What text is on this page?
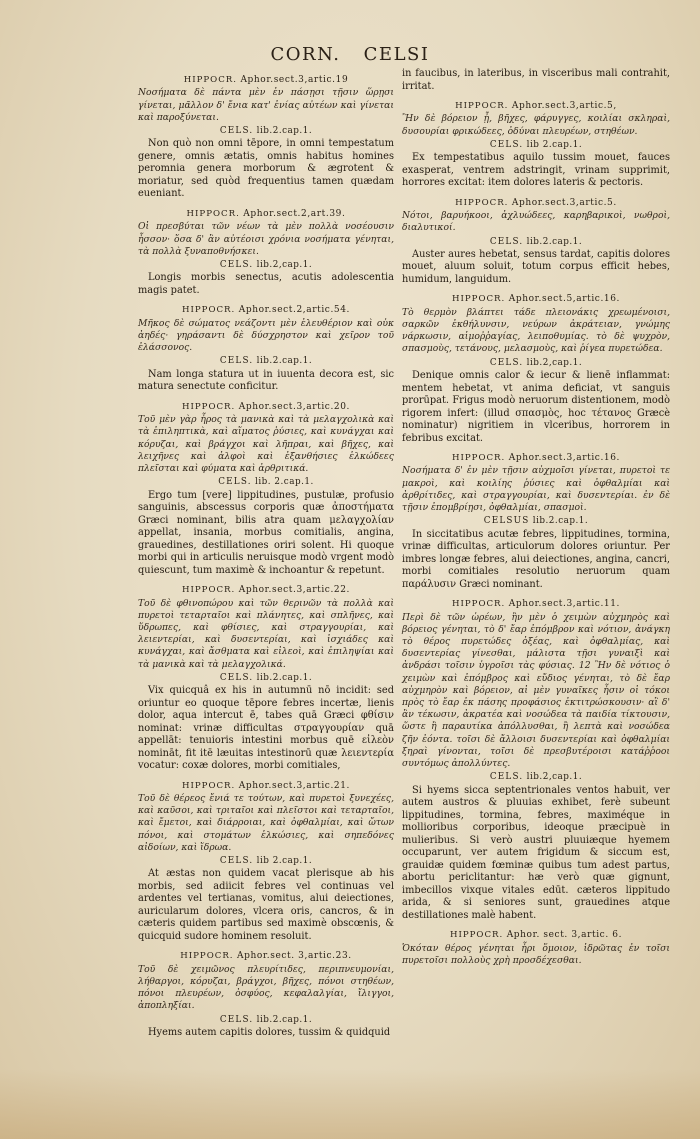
CORN. CELSI
HIPPOCR. Aphor.sect.3,artic.19
Νοσήματα δὲ πάντα μὲν ἐν πάσῃσι τῇσιν ὥρῃσι γίνεται, μᾶλλον δ' ἔνια κατ' ἐνίας αὐτέων καὶ γίνεται καὶ παροξύνεται.
CELS. lib.2.cap.1.
Non quò non omni tēpore, in omni tempestatum genere, omnis ætatis, omnis habitus homines peromnia genera morborum & ægrotent & moriatur, sed quòd frequentius tamen quædam eueniant.
HIPPOCR. Aphor.sect.2,art.39.
Οἱ πρεσβύται τῶν νέων τὰ μὲν πολλὰ νοσέουσιν ἧσσον· ὅσα δ' ἂν αὐτέοισι χρόνια νοσήματα γένηται, τὰ πολλὰ ξυναποθνήσκει.
CELS. lib.2,cap.1.
Longis morbis senectus, acutis adolescentia magis patet.
HIPPOCR. Aphor.sect.2,artic.54.
Μῆκος δὲ σώματος νεάζοντι μὲν ἐλευθέριον καὶ οὐκ ἀηδές· γηράσαντι δὲ δύσχρηστον καὶ χεῖρον τοῦ ἐλάσσονος.
CELS. lib.2.cap.1.
Nam longa statura ut in iuuenta decora est, sic matura senectute conficitur.
HIPPOCR. Aphor.sect.3,artic.20.
Τοῦ μὲν γὰρ ἦρος τὰ μανικὰ καὶ τὰ μελαγχολικὰ καὶ τὰ ἐπιληπτικὰ, καὶ αἵματος ῥύσιες, καὶ κυνάγχαι καὶ κόρυζαι, καὶ βράγχοι καὶ λῆπραι, καὶ βῆχες, καὶ λειχῆνες καὶ ἀλφοὶ καὶ ἐξανθήσιες ἑλκώδεες πλεῖσται καὶ φύματα καὶ ἀρθριτικά.
CELS. lib. 2.cap.1.
Ergo tum [vere] lippitudines, pustulæ, profusio sanguinis, abscessus corporis quæ ἀποστήματα Græci nominant, bilis atra quam μελαγχολίαν appellat, insania, morbus comitialis, angina, grauedines, destillationes oriri solent. Hi quoque morbi qui in articulis neruisque modò vrgent modò quiescunt, tum maximè & inchoantur & repetunt.
HIPPOCR. Aphor.sect.3,artic.22.
Τοῦ δὲ φθινοπώρου καὶ τῶν θερινῶν τὰ πολλὰ καὶ πυρετοὶ τεταρταῖοι καὶ πλάνητες, καὶ σπλῆνες, καὶ ὕδρωπες, καὶ φθίσιες, καὶ στραγγουρίαι, καὶ λειεντερίαι, καὶ δυσεντερίαι, καὶ ἰσχιάδες καὶ κυνάγχαι, καὶ ἄσθματα καὶ εἰλεοὶ, καὶ ἐπιληψίαι καὶ τὰ μανικὰ καὶ τὰ μελαγχολικά.
CELS. lib.2.cap.1.
Vix quicquâ ex his in autumnū nō incidit: sed oriuntur eo quoque tēpore febres incertæ, lienis dolor, aqua intercut ē, tabes quā Græci φθίσιν nominat: vrinæ difficultas στραγγουρίαν quā appellāt: tenuioris intestini morbus quē εἰλεὸν nomināt, fit itē læuitas intestinorū quæ λειεντερία vocatur: coxæ dolores, morbi comitiales,
HIPPOCR. Aphor.sect.3,artic.21.
Τοῦ δὲ θέρεος ἔνιά τε τούτων, καὶ πυρετοὶ ξυνεχέες, καὶ καῦσοι, καὶ τριταῖοι καὶ πλεῖστοι καὶ τεταρταῖοι, καὶ ἔμετοι, καὶ διάρροιαι, καὶ ὀφθαλμίαι, καὶ ὤτων πόνοι, καὶ στομάτων ἑλκώσιες, καὶ σηπεδόνες αἰδοίων, καὶ ἵδρωα.
CELS. lib 2.cap.1.
At æstas non quidem vacat plerisque ab his morbis, sed adiicit febres vel continuas vel ardentes vel tertianas, vomitus, alui deiectiones, auricularum dolores, vlcera oris, cancros, & in cæteris quidem partibus sed maximè obscœnis, & quicquid sudore hominem resoluit.
HIPPOCR. Aphor.sect. 3,artic.23.
Τοῦ δὲ χειμῶνος πλευρίτιδες, περιπνευμονίαι, λήθαργοι, κόρυζαι, βράγχοι, βῆχες, πόνοι στηθέων, πόνοι πλευρέων, ὀσφύος, κεφαλαλγίαι, ἴλιγγοι, ἀποπληξίαι.
CELS. lib.2.cap.1.
Hyems autem capitis dolores, tussim & quidquid
in faucibus, in lateribus, in visceribus mali contrahit, irritat.
HIPPOCR. Aphor.sect.3,artic.5,
Ἢν δὲ βόρειον ᾖ, βῆχες, φάρυγγες, κοιλίαι σκληραὶ, δυσουρίαι φρικώδεες, ὀδύναι πλευρέων, στηθέων.
CELS. lib 2.cap.1.
Ex tempestatibus aquilo tussim mouet, fauces exasperat, ventrem adstringit, vrinam supprimit, horrores excitat: item dolores lateris & pectoris.
HIPPOCR. Aphor.sect.3,artic.5.
Νότοι, βαρυήκοοι, ἀχλυώδεες, καρηβαρικοὶ, νωθροὶ, διαλυτικοί.
CELS. lib.2.cap.1.
Auster aures hebetat, sensus tardat, capitis dolores mouet, aluum soluit, totum corpus efficit hebes, humidum, languidum.
HIPPOCR. Aphor.sect.5,artic.16.
Τὸ θερμὸν βλάπτει τάδε πλειονάκις χρεωμένοισι, σαρκῶν ἐκθήλυνσιν, νεύρων ἀκράτειαν, γνώμης νάρκωσιν, αἱμοῤῥαγίας, λειποθυμίας. τὸ δὲ ψυχρὸν, σπασμοὺς, τετάνους, μελασμοὺς, καὶ ῥίγεα πυρετώδεα.
CELS. lib.2,cap.1.
Denique omnis calor & iecur & lienē inflammat: mentem hebetat, vt anima deficiat, vt sanguis prorūpat. Frigus modò neruorum distentionem, modò rigorem infert: (illud σπασμὸς, hoc τέτανος Græcè nominatur) nigritiem in vlceribus, horrorem in febribus excitat.
HIPPOCR. Aphor.sect.3,artic.16.
Νοσήματα δ' ἐν μὲν τῇσιν αὐχμοῖσι γίνεται, πυρετοὶ τε μακροὶ, καὶ κοιλίης ῥύσιες καὶ ὀφθαλμίαι καὶ ἀρθρίτιδες, καὶ στραγγουρίαι, καὶ δυσεντερίαι. ἐν δὲ τῇσιν ἐπομβρίῃσι, ὀφθαλμίαι, σπασμοὶ.
CELSUS lib.2.cap.1.
In siccitatibus acutæ febres, lippitudines, tormina, vrinæ difficultas, articulorum dolores oriuntur. Per imbres longæ febres, alui deiectiones, angina, cancri, morbi comitiales resolutio neruorum quam παράλυσιν Græci nominant.
HIPPOCR. Aphor.sect.3,artic.11.
Περὶ δὲ τῶν ὡρέων, ἢν μὲν ὁ χειμὼν αὐχμηρὸς καὶ βόρειος γένηται, τὸ δ' ἔαρ ἐπόμβρον καὶ νότιον, ἀνάγκη τὸ θέρος πυρετώδες ὀξέας, καὶ ὀφθαλμίας, καὶ δυσεντερίας γίνεσθαι, μάλιστα τῇσι γυναιξὶ καὶ ἀνδράσι τοῖσιν ὑγροῖσι τὰς φύσιας. 12 Ἢν δὲ νότιος ὁ χειμὼν καὶ ἐπόμβρος καὶ εὔδιος γένηται, τὸ δὲ ἔαρ αὐχμηρὸν καὶ βόρειον, αἱ μὲν γυναῖκες ἦσιν οἱ τόκοι πρὸς τὸ ἔαρ ἐκ πάσης προφάσιος ἐκτιτρώσκουσιν· αἳ δ' ἂν τέκωσιν, ἀκρατέα καὶ νοσώδεα τὰ παιδία τίκτουσιν, ὥστε ἢ παραυτίκα ἀπόλλυσθαι, ἢ λεπτὰ καὶ νοσώδεα ζῆν ἐόντα. τοῖσι δὲ ἄλλοισι δυσεντερίαι καὶ ὀφθαλμίαι ξηραὶ γίνονται, τοῖσι δὲ πρεσβυτέροισι κατάῤῥοοι συντόμως ἀπολλύντες.
CELS. lib.2,cap.1.
Si hyems sicca septentrionales ventos habuit, ver autem austros & pluuias exhibet, ferè subeunt lippitudines, tormina, febres, maximéque in mollioribus corporibus, ideoque præcipuè in mulieribus. Si verò austri pluuiæque hyemem occuparunt, ver autem frigidum & siccum est, grauidæ quidem fœminæ quibus tum adest partus, abortu periclitantur: hæ verò quæ gignunt, imbecillos vixque vitales edūt. cæteros lippitudo arida, & si seniores sunt, grauedines atque destillationes malè habent.
HIPPOCR. Aphor. sect. 3,artic. 6.
Ὁκόταν θέρος γένηται ἦρι ὅμοιον, ἱδρῶτας ἐν τοῖσι πυρετοῖσι πολλοὺς χρὴ προσδέχεσθαι.
